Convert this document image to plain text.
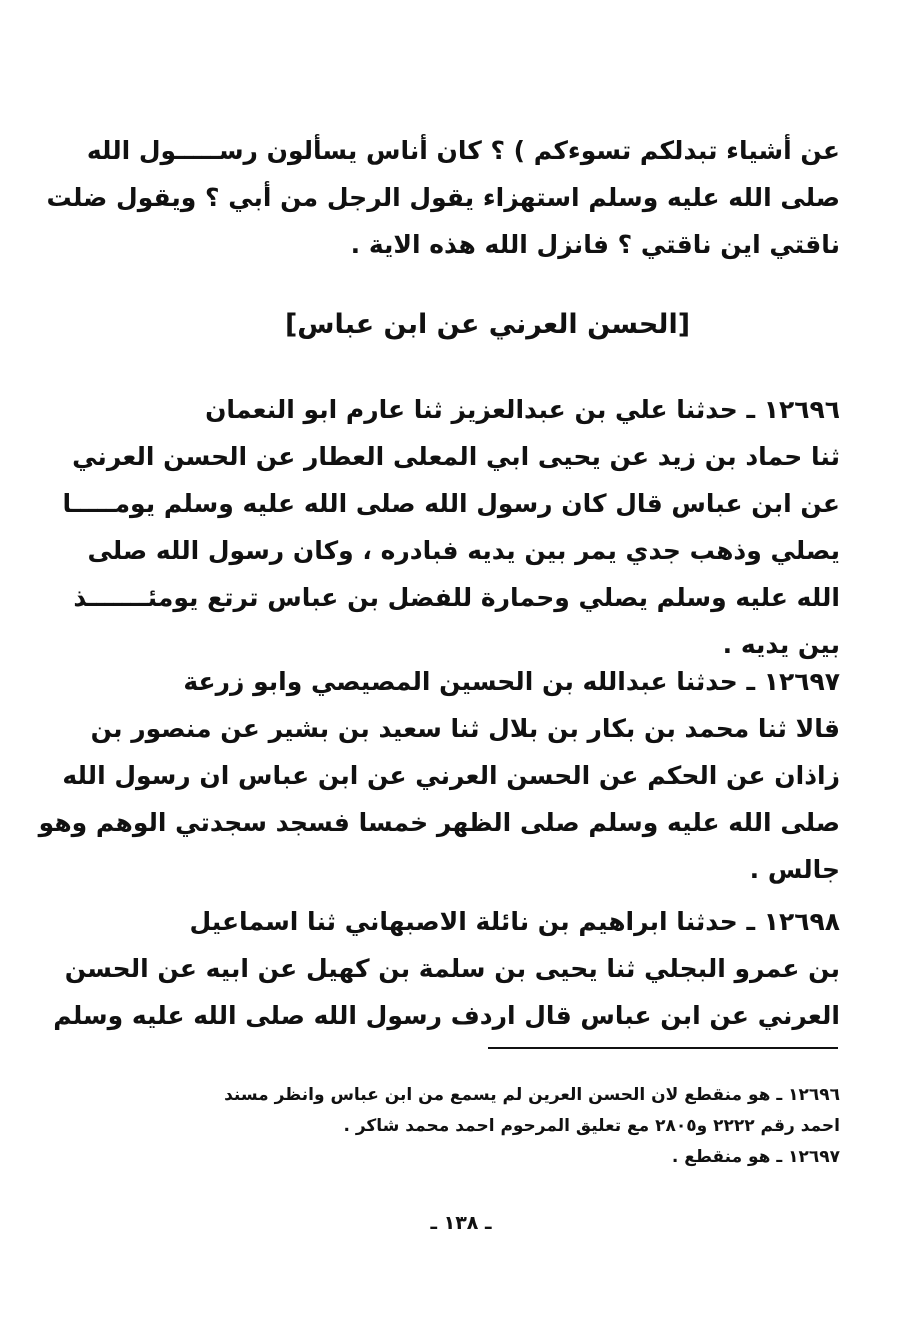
عن أشياء تبدلكم تسوءكم ) ؟ كان أناس يسألون رســـــول الله
صلى الله عليه وسلم استهزاء يقول الرجل من أبي ؟ ويقول ضلت
ناقتي اين ناقتي ؟ فانزل الله هذه الاية .
[الحسن العرني عن ابن عباس]
١٢٦٩٦ ـ حدثنا علي بن عبدالعزيز ثنا عارم ابو النعمان
ثنا حماد بن زيد عن يحيى ابي المعلى العطار عن الحسن العرني
عن ابن عباس قال كان رسول الله صلى الله عليه وسلم يومـــــا
يصلي وذهب جدي يمر بين يديه فبادره ، وكان رسول الله صلى
الله عليه وسلم يصلي وحمارة للفضل بن عباس ترتع يومئـــــــذ
بين يديه .
١٢٦٩٧ ـ حدثنا عبدالله بن الحسين المصيصي وابو زرعة
قالا ثنا محمد بن بكار بن بلال ثنا سعيد بن بشير عن منصور بن
زاذان عن الحكم عن الحسن العرني عن ابن عباس ان رسول الله
صلى الله عليه وسلم صلى الظهر خمسا فسجد سجدتي الوهم وهو
جالس .
١٢٦٩٨ ـ حدثنا ابراهيم بن نائلة الاصبهاني ثنا اسماعيل
بن عمرو البجلي ثنا يحيى بن سلمة بن كهيل عن ابيه عن الحسن
العرني عن ابن عباس قال اردف رسول الله صلى الله عليه وسلم
١٢٦٩٦ ـ هو منقطع لان الحسن العرين لم يسمع من ابن عباس وانظر مسند
احمد رقم ٢٢٢٢ و٢٨٠٥ مع تعليق المرحوم احمد محمد شاكر .
١٢٦٩٧ ـ هو منقطع .
ـ ١٣٨ ـ
